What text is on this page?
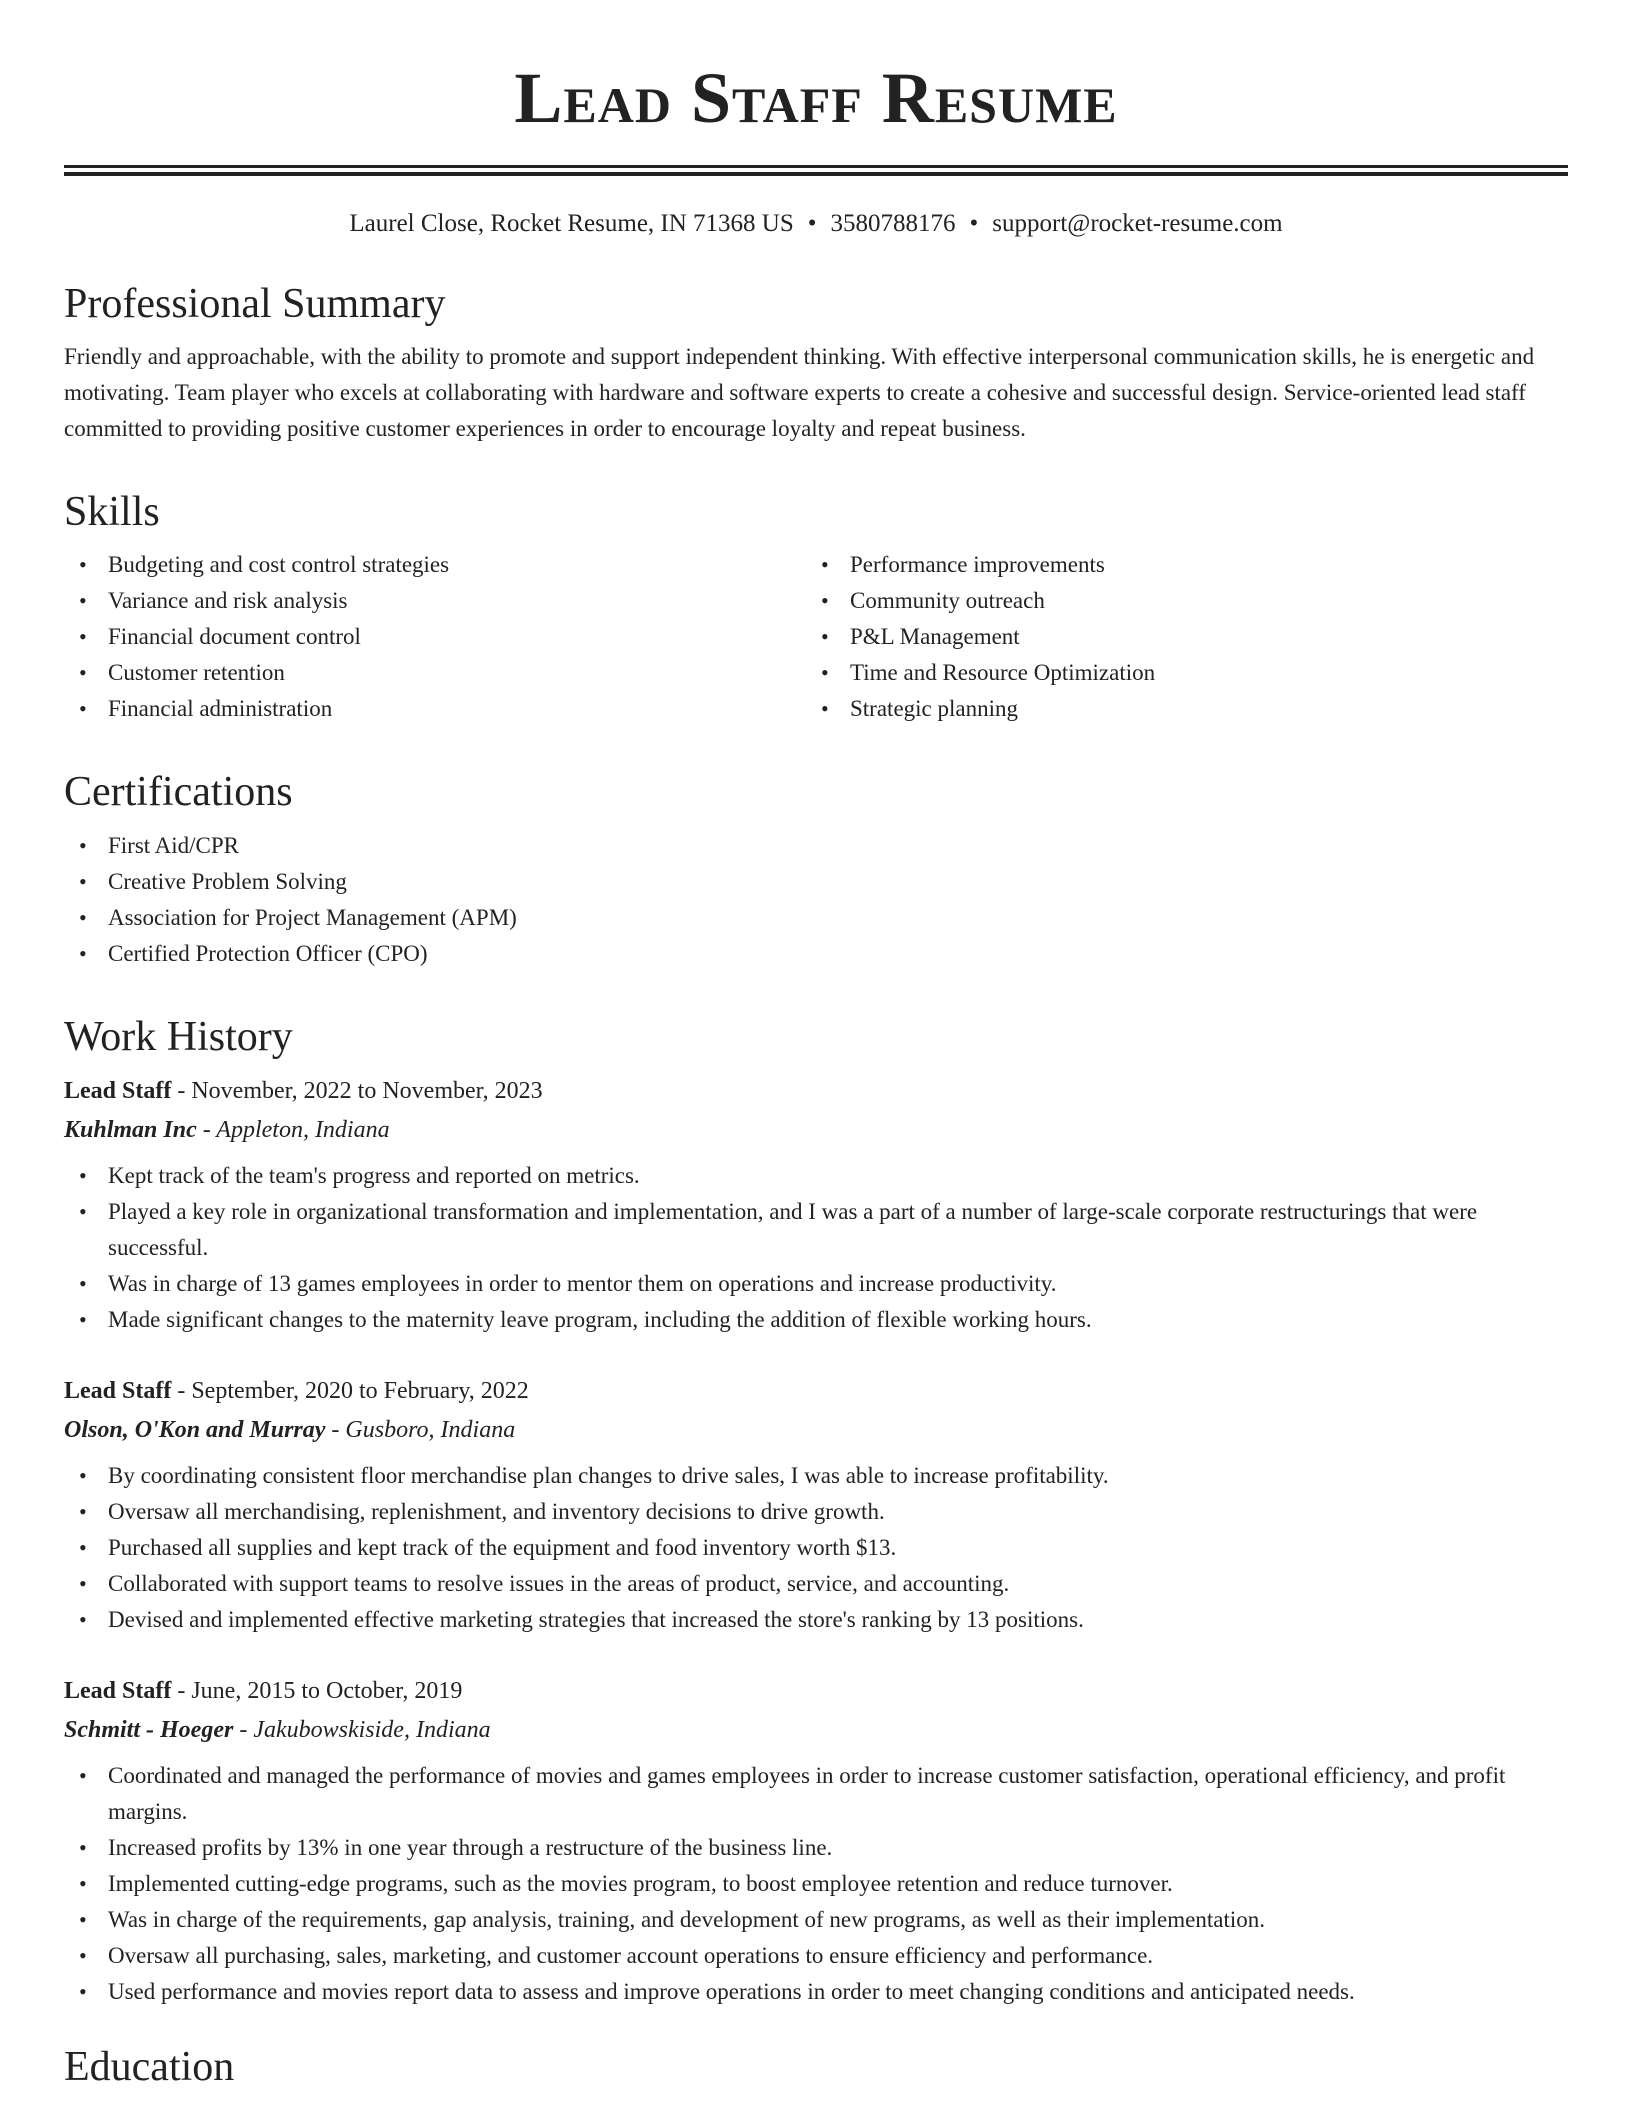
Lead Staff Resume
Laurel Close, Rocket Resume, IN 71368 US • 3580788176 • support@rocket-resume.com
Professional Summary

Friendly and approachable, with the ability to promote and support independent thinking. With effective interpersonal communication skills, he is energetic and motivating. Team player who excels at collaborating with hardware and software experts to create a cohesive and successful design. Service-oriented lead staff committed to providing positive customer experiences in order to encourage loyalty and repeat business.

Skills
• Budgeting and cost control strategies
• Variance and risk analysis
• Financial document control
• Customer retention
• Financial administration
• Performance improvements
• Community outreach
• P&L Management
• Time and Resource Optimization
• Strategic planning
Certifications
• First Aid/CPR
• Creative Problem Solving
• Association for Project Management (APM)
• Certified Protection Officer (CPO)
Work History
Lead Staff - November, 2022 to November, 2023
Kuhlman Inc - Appleton, Indiana
• Kept track of the team's progress and reported on metrics.
• Played a key role in organizational transformation and implementation, and I was a part of a number of large-scale corporate restructurings that were successful.
• Was in charge of 13 games employees in order to mentor them on operations and increase productivity.
• Made significant changes to the maternity leave program, including the addition of flexible working hours.
Lead Staff - September, 2020 to February, 2022
Olson, O'Kon and Murray - Gusboro, Indiana
• By coordinating consistent floor merchandise plan changes to drive sales, I was able to increase profitability.
• Oversaw all merchandising, replenishment, and inventory decisions to drive growth.
• Purchased all supplies and kept track of the equipment and food inventory worth $13.
• Collaborated with support teams to resolve issues in the areas of product, service, and accounting.
• Devised and implemented effective marketing strategies that increased the store's ranking by 13 positions.
Lead Staff - June, 2015 to October, 2019
Schmitt - Hoeger - Jakubowskiside, Indiana
• Coordinated and managed the performance of movies and games employees in order to increase customer satisfaction, operational efficiency, and profit margins.
• Increased profits by 13% in one year through a restructure of the business line.
• Implemented cutting-edge programs, such as the movies program, to boost employee retention and reduce turnover.
• Was in charge of the requirements, gap analysis, training, and development of new programs, as well as their implementation.
• Oversaw all purchasing, sales, marketing, and customer account operations to ensure efficiency and performance.
• Used performance and movies report data to assess and improve operations in order to meet changing conditions and anticipated needs.
Education
